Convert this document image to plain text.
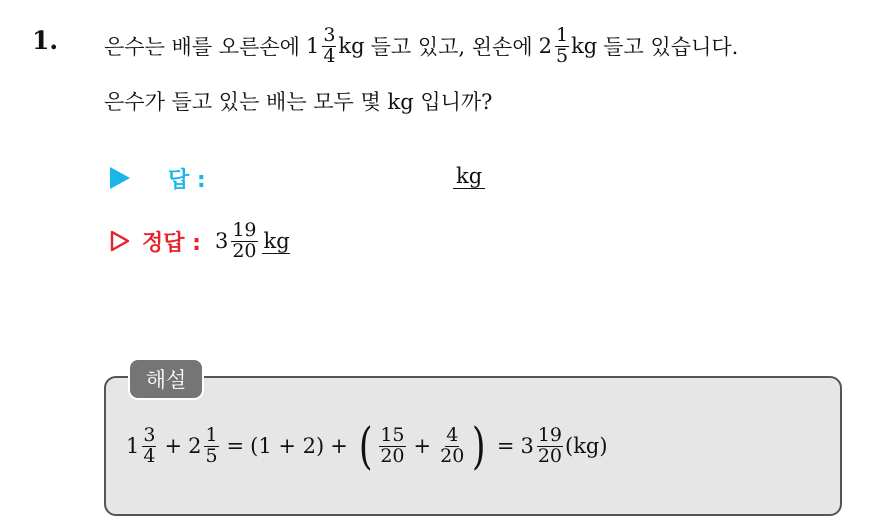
1. 은수는 배를 오른손에 $1 \frac{3}{4}$ kg 들고 있고, 왼손에 $2 \frac{1}{5}$ kg 들고 있습니다.
은수가 들고 있는 배는 모두 몇 kg 입니까?
답 :	kg
정답 : $3 \frac{19}{20}$ kg
해설
$1 \frac{3}{4} + 2 \frac{1}{5} = (1 + 2)$ + ( $\frac{15}{20} + \frac{4}{20}$ ) = $3 \frac{19}{20} (kg)$
